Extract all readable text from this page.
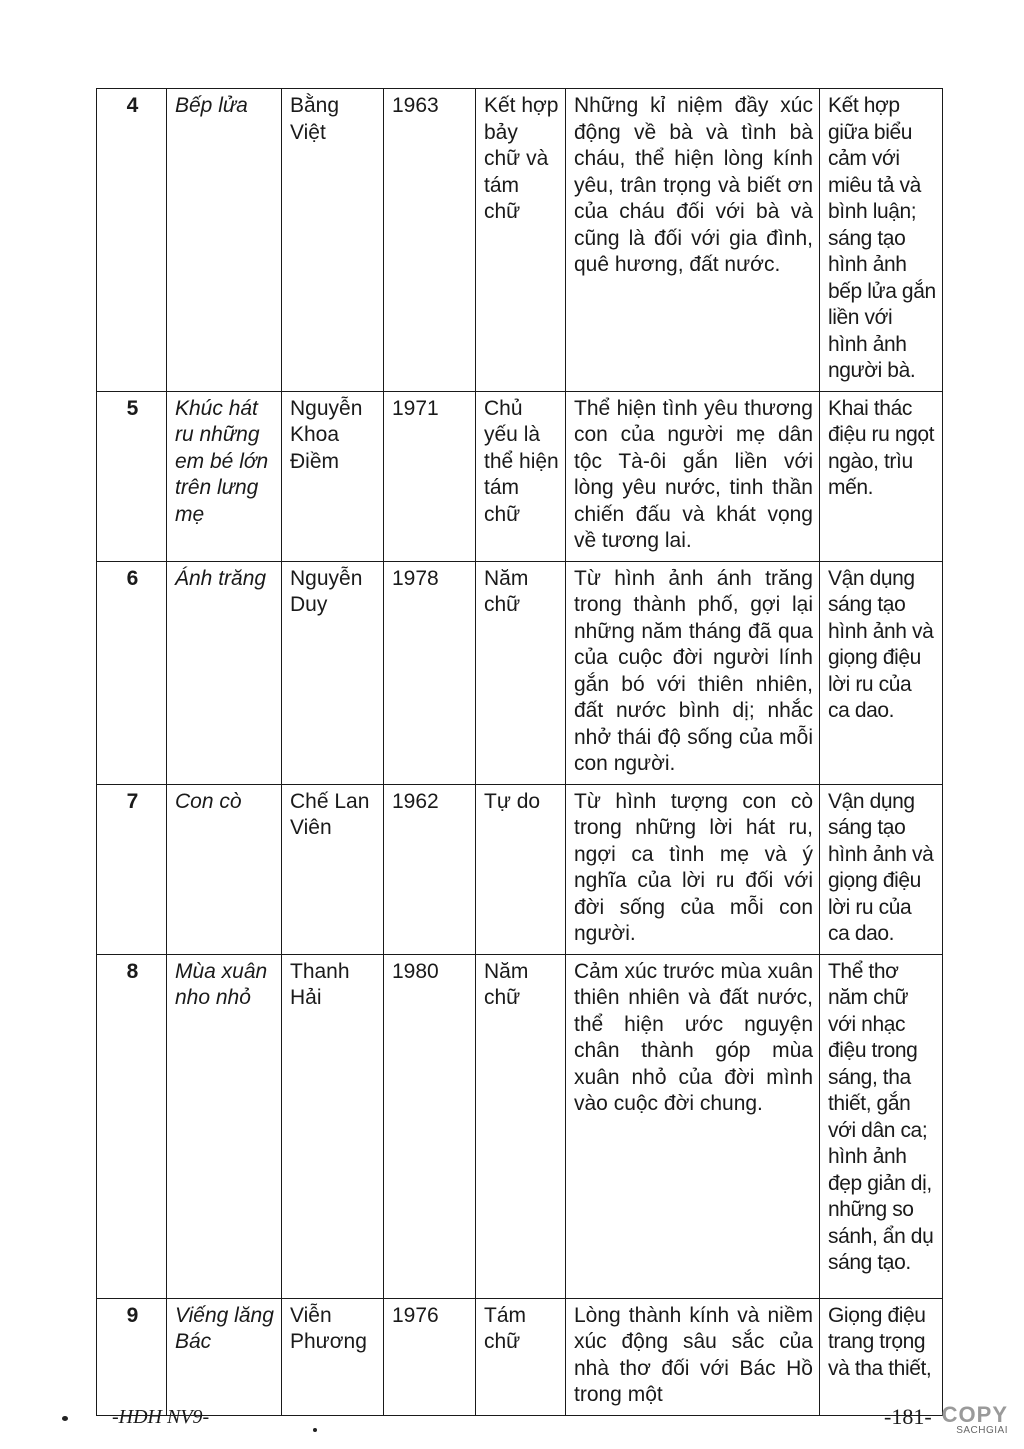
4	Bếp lửa	Bằng Việt	1963	Kết hợp bảy chữ và tám chữ	Những kỉ niệm đầy xúc động về bà và tình bà cháu, thể hiện lòng kính yêu, trân trọng và biết ơn của cháu đối với bà và cũng là đối với gia đình, quê hương, đất nước.	Kết hợp giữa biểu cảm với miêu tả và bình luận; sáng tạo hình ảnh bếp lửa gắn liền với hình ảnh người bà.
5	Khúc hát ru những em bé lớn trên lưng mẹ	Nguyễn Khoa Điềm	1971	Chủ yếu là thể hiện tám chữ	Thể hiện tình yêu thương con của người mẹ dân tộc Tà-ôi gắn liền với lòng yêu nước, tinh thần chiến đấu và khát vọng về tương lai.	Khai thác điệu ru ngọt ngào, trìu mến.
6	Ánh trăng	Nguyễn Duy	1978	Năm chữ	Từ hình ảnh ánh trăng trong thành phố, gợi lại những năm tháng đã qua của cuộc đời người lính gắn bó với thiên nhiên, đất nước bình dị; nhắc nhở thái độ sống của mỗi con người.	Vận dụng sáng tạo hình ảnh và giọng điệu lời ru của ca dao.
7	Con cò	Chế Lan Viên	1962	Tự do	Từ hình tượng con cò trong những lời hát ru, ngợi ca tình mẹ và ý nghĩa của lời ru đối với đời sống của mỗi con người.	Vận dụng sáng tạo hình ảnh và giọng điệu lời ru của ca dao.
8	Mùa xuân nho nhỏ	Thanh Hải	1980	Năm chữ	Cảm xúc trước mùa xuân thiên nhiên và đất nước, thể hiện ước nguyện chân thành góp mùa xuân nhỏ của đời mình vào cuộc đời chung.	Thể thơ năm chữ với nhạc điệu trong sáng, tha thiết, gắn với dân ca; hình ảnh đẹp giản dị, những so sánh, ẩn dụ sáng tạo.
9	Viếng lăng Bác	Viễn Phương	1976	Tám chữ	Lòng thành kính và niềm xúc động sâu sắc của nhà thơ đối với Bác Hồ trong một	Giọng điệu trang trọng và tha thiết,
-HDH NV9-	-181- COPY
SACHGIAI
